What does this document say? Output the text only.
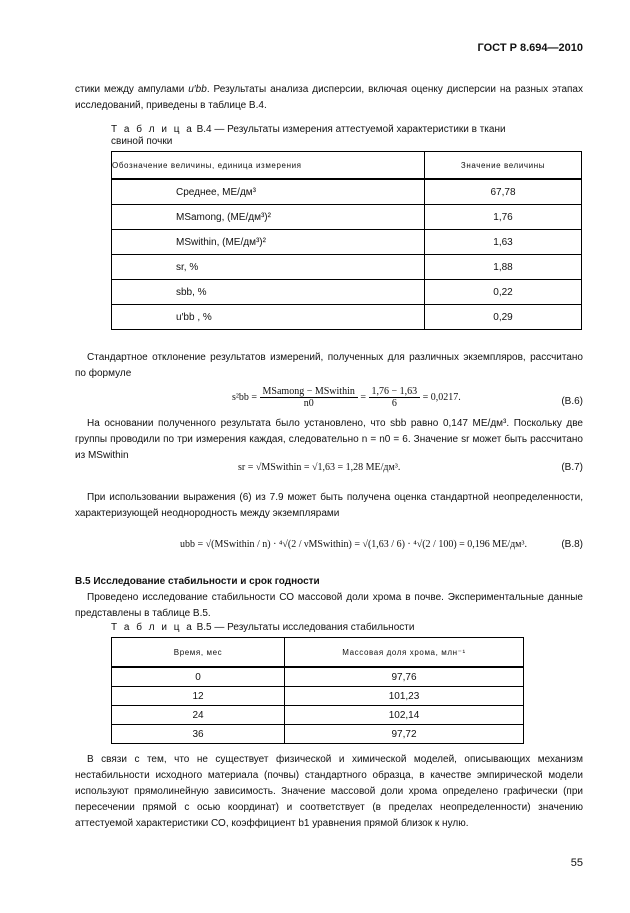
ГОСТ Р 8.694—2010
стики между ампулами u′bb. Результаты анализа дисперсии, включая оценку дисперсии на разных этапах исследований, приведены в таблице В.4.
Т а б л и ц а В.4 — Результаты измерения аттестуемой характеристики в ткани свиной почки
Обозначение величины, единица измерения	Значение величины
Среднее, МЕ/дм³	67,78
MSamong, (МЕ/дм³)²	1,76
MSwithin, (МЕ/дм³)²	1,63
sr, %	1,88
sbb, %	0,22
u′bb , %	0,29
Стандартное отклонение результатов измерений, полученных для различных экземпляров, рассчитано по формуле
$s^2bb = \frac{\text{MSamong − MSwithin}}{n0} = \frac{1,76 - 1,63}{6} = 0,0217$.	(В.6)
На основании полученного результата было установлено, что sbb равно 0,147 МЕ/дм³. Поскольку две группы проводили по три измерения каждая, следовательно n = n0 = 6. Значение sr может быть рассчитано из MSwithin
sr = √MSwithin = √1,63 = 1,28 МЕ/дм³.	(В.7)
При использовании выражения (6) из 7.9 может быть получена оценка стандартной неопределенности, характеризующей неоднородность между экземплярами
ubb = √(MSwithin / n) · ⁴√(2 / νMSwithin) = √(1,63 / 6) · ⁴√(2 / 100) = 0,196 МЕ/дм³.	(В.8)
В.5 Исследование стабильности и срок годности
Проведено исследование стабильности СО массовой доли хрома в почве. Экспериментальные данные представлены в таблице В.5.
Т а б л и ц а В.5 — Результаты исследования стабильности
Время, мес	Массовая доля хрома, млн⁻¹
0	97,76
12	101,23
24	102,14
36	97,72
В связи с тем, что не существует физической и химической моделей, описывающих механизм нестабильности исходного материала (почвы) стандартного образца, в качестве эмпирической модели используют прямолинейную зависимость. Значение массовой доли хрома определено графически (при пересечении прямой с осью координат) и соответствует (в пределах неопределенности) значению аттестуемой характеристики СО, коэффициент b1 уравнения прямой близок к нулю.
55
